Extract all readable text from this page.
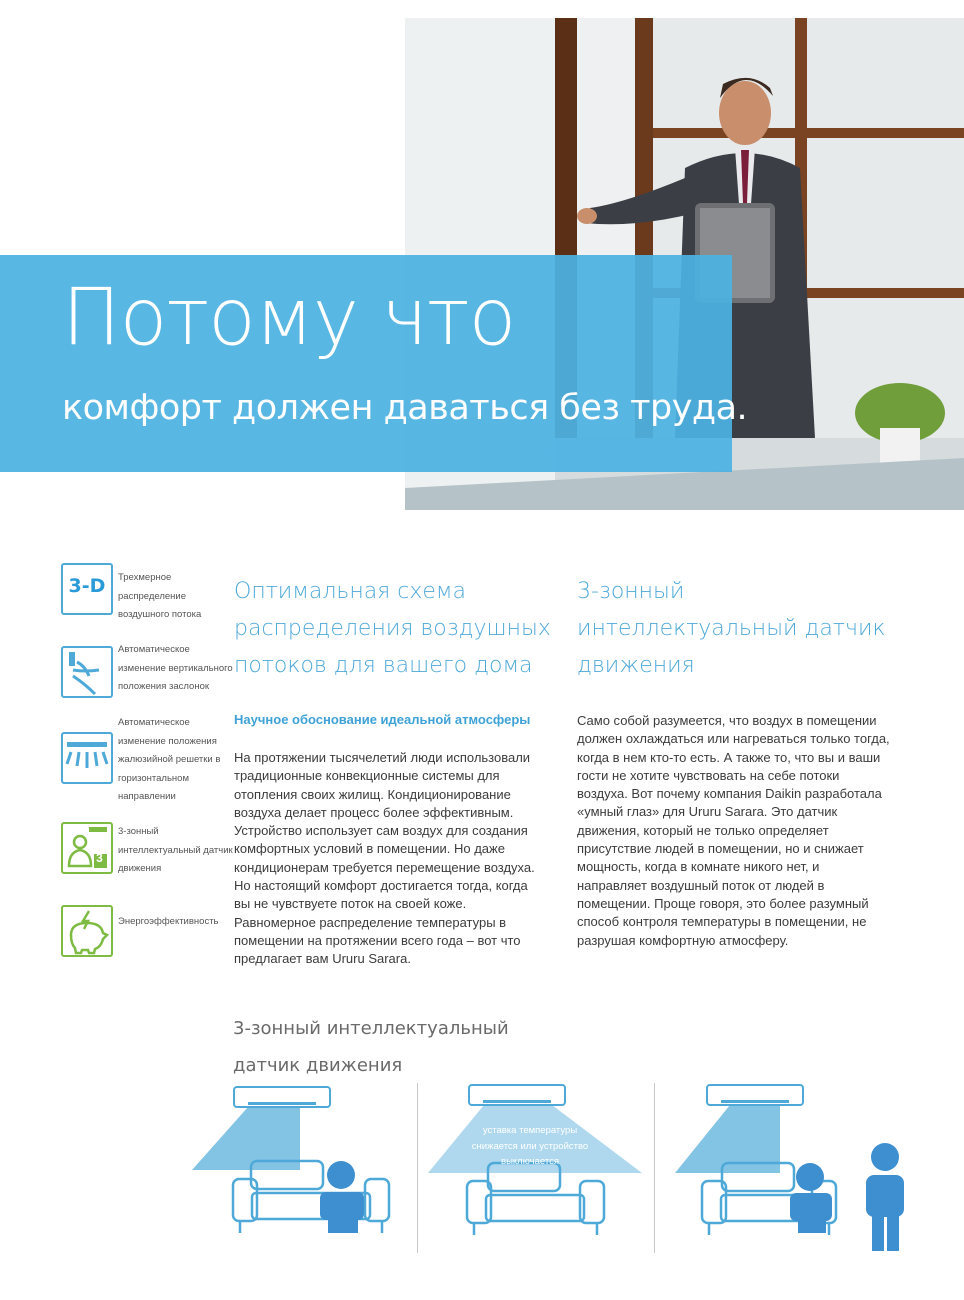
Потому что
комфорт должен даваться без труда.
3-D	Трехмерное распределение воздушного потока
Автоматическое изменение вертикального положения заслонок
Автоматическое изменение положения жалюзийной решетки в горизонтальном направлении
3
3-зонный интеллектуальный датчик движения
Энергоэффективность
Оптимальная схема распределения воздушных потоков для вашего дома
Научное обоснование идеальной атмосферы
На протяжении тысячелетий люди использовали традиционные конвекционные системы для отопления своих жилищ. Кондиционирование воздуха делает процесс более эффективным. Устройство использует сам воздух для создания комфортных условий в помещении. Но даже кондиционерам требуется перемещение воздуха. Но настоящий комфорт достигается тогда, когда вы не чувствуете поток на своей коже. Равномерное распределение температуры в помещении на протяжении всего года – вот что предлагает вам Ururu Sarara.
3-зонный интеллектуальный датчик движения
Само собой разумеется, что воздух в помещении должен охлаждаться или нагреваться только тогда, когда в нем кто-то есть. А также то, что вы и ваши гости не хотите чувствовать на себе потоки воздуха. Вот почему компания Daikin разработала «умный глаз» для Ururu Sarara. Это датчик движения, который не только определяет присутствие людей в помещении, но и снижает мощность, когда в комнате никого нет, и направляет воздушный поток от людей в помещении. Проще говоря, это более разумный способ контроля температуры в помещении, не разрушая комфортную атмосферу.
3-зонный интеллектуальный датчик движения
уставка температуры снижается или устройство выключается
